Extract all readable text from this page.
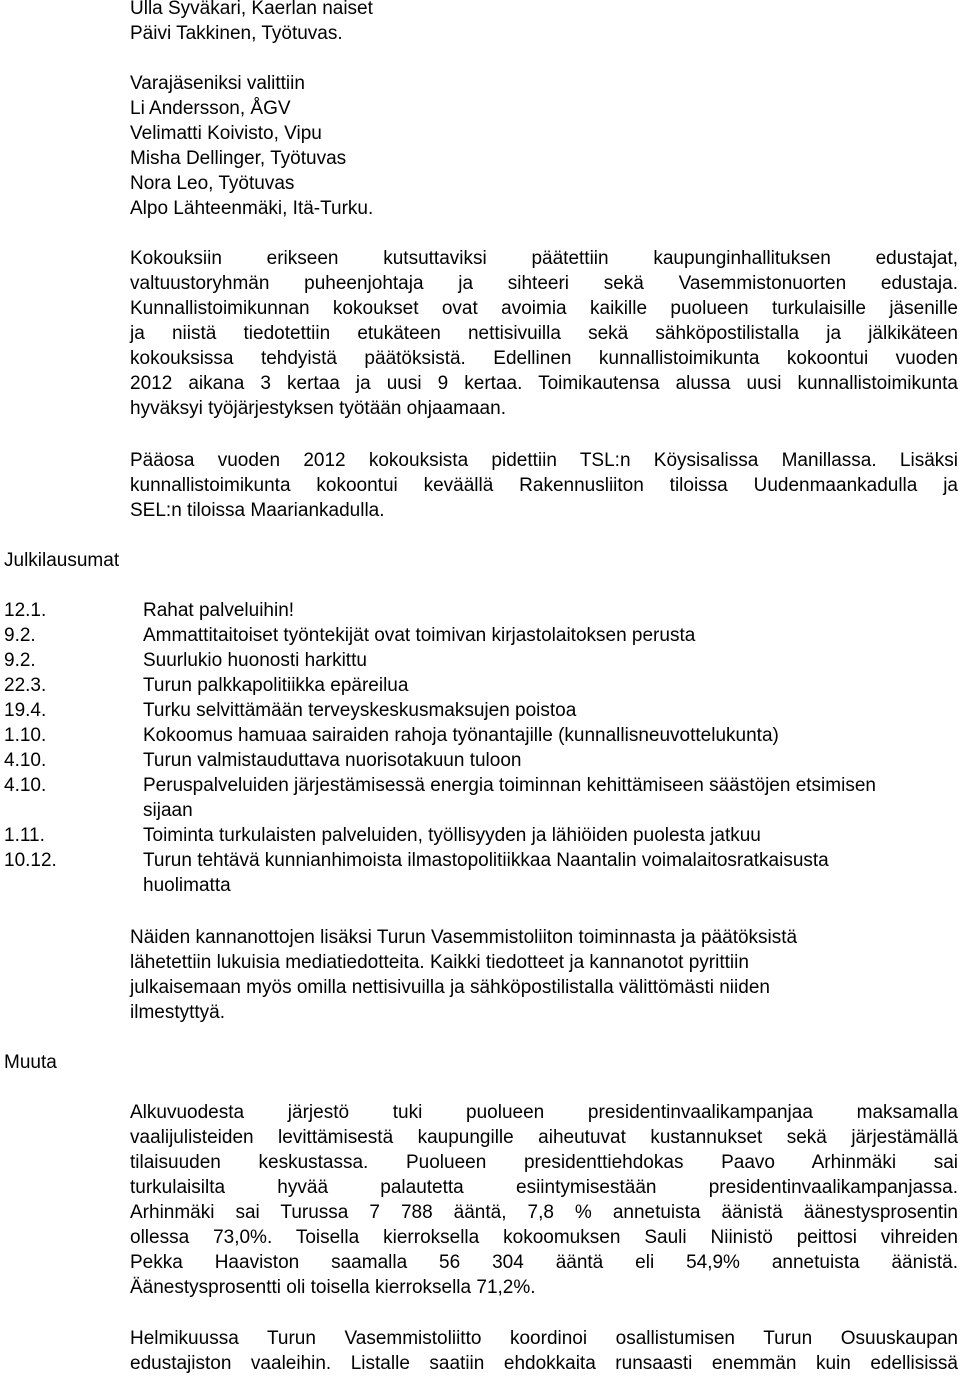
Ulla Syväkari, Kaerlan naiset
Päivi Takkinen, Työtuvas.
Varajäseniksi valittiin
Li Andersson, ÅGV
Velimatti Koivisto, Vipu
Misha Dellinger, Työtuvas
Nora Leo, Työtuvas
Alpo Lähteenmäki, Itä-Turku.
Kokouksiin erikseen kutsuttaviksi päätettiin kaupunginhallituksen edustajat,
valtuustoryhmän puheenjohtaja ja sihteeri sekä Vasemmistonuorten edustaja.
Kunnallistoimikunnan kokoukset ovat avoimia kaikille puolueen turkulaisille jäsenille
ja niistä tiedotettiin etukäteen nettisivuilla sekä sähköpostilistalla ja jälkikäteen
kokouksissa tehdyistä päätöksistä. Edellinen kunnallistoimikunta kokoontui vuoden
2012 aikana 3 kertaa ja uusi 9 kertaa. Toimikautensa alussa uusi kunnallistoimikunta
hyväksyi työjärjestyksen työtään ohjaamaan.
Pääosa vuoden 2012 kokouksista pidettiin TSL:n Köysisalissa Manillassa. Lisäksi
kunnallistoimikunta kokoontui keväällä Rakennusliiton tiloissa Uudenmaankadulla ja
SEL:n tiloissa Maariankadulla.
Julkilausumat
12.1.	Rahat palveluihin!
9.2.	Ammattitaitoiset työntekijät ovat toimivan kirjastolaitoksen perusta
9.2.	Suurlukio huonosti harkittu
22.3.	Turun palkkapolitiikka epäreilua
19.4.	Turku selvittämään terveyskeskusmaksujen poistoa
1.10.	Kokoomus hamuaa sairaiden rahoja työnantajille (kunnallisneuvottelukunta)
4.10.	Turun valmistauduttava nuorisotakuun tuloon
4.10.	Peruspalveluiden järjestämisessä energia toiminnan kehittämiseen säästöjen etsimisen sijaan
1.11.	Toiminta turkulaisten palveluiden, työllisyyden ja lähiöiden puolesta jatkuu
10.12.	Turun tehtävä kunnianhimoista ilmastopolitiikkaa Naantalin voimalaitosratkaisusta huolimatta
Näiden kannanottojen lisäksi Turun Vasemmistoliiton toiminnasta ja päätöksistä
lähetettiin lukuisia mediatiedotteita. Kaikki tiedotteet ja kannanotot pyrittiin
julkaisemaan myös omilla nettisivuilla ja sähköpostilistalla välittömästi niiden
ilmestyttyä.
Muuta
Alkuvuodesta järjestö tuki puolueen presidentinvaalikampanjaa maksamalla
vaalijulisteiden levittämisestä kaupungille aiheutuvat kustannukset sekä järjestämällä
tilaisuuden keskustassa. Puolueen presidenttiehdokas Paavo Arhinmäki sai
turkulaisilta hyvää palautetta esiintymisestään presidentinvaalikampanjassa.
Arhinmäki sai Turussa 7 788 ääntä, 7,8 % annetuista äänistä äänestysprosentin
ollessa 73,0%. Toisella kierroksella kokoomuksen Sauli Niinistö peittosi vihreiden
Pekka Haaviston saamalla 56 304 ääntä eli 54,9% annetuista äänistä.
Äänestysprosentti oli toisella kierroksella 71,2%.
Helmikuussa Turun Vasemmistoliitto koordinoi osallistumisen Turun Osuuskaupan
edustajiston vaaleihin. Listalle saatiin ehdokkaita runsaasti enemmän kuin edellisissä
